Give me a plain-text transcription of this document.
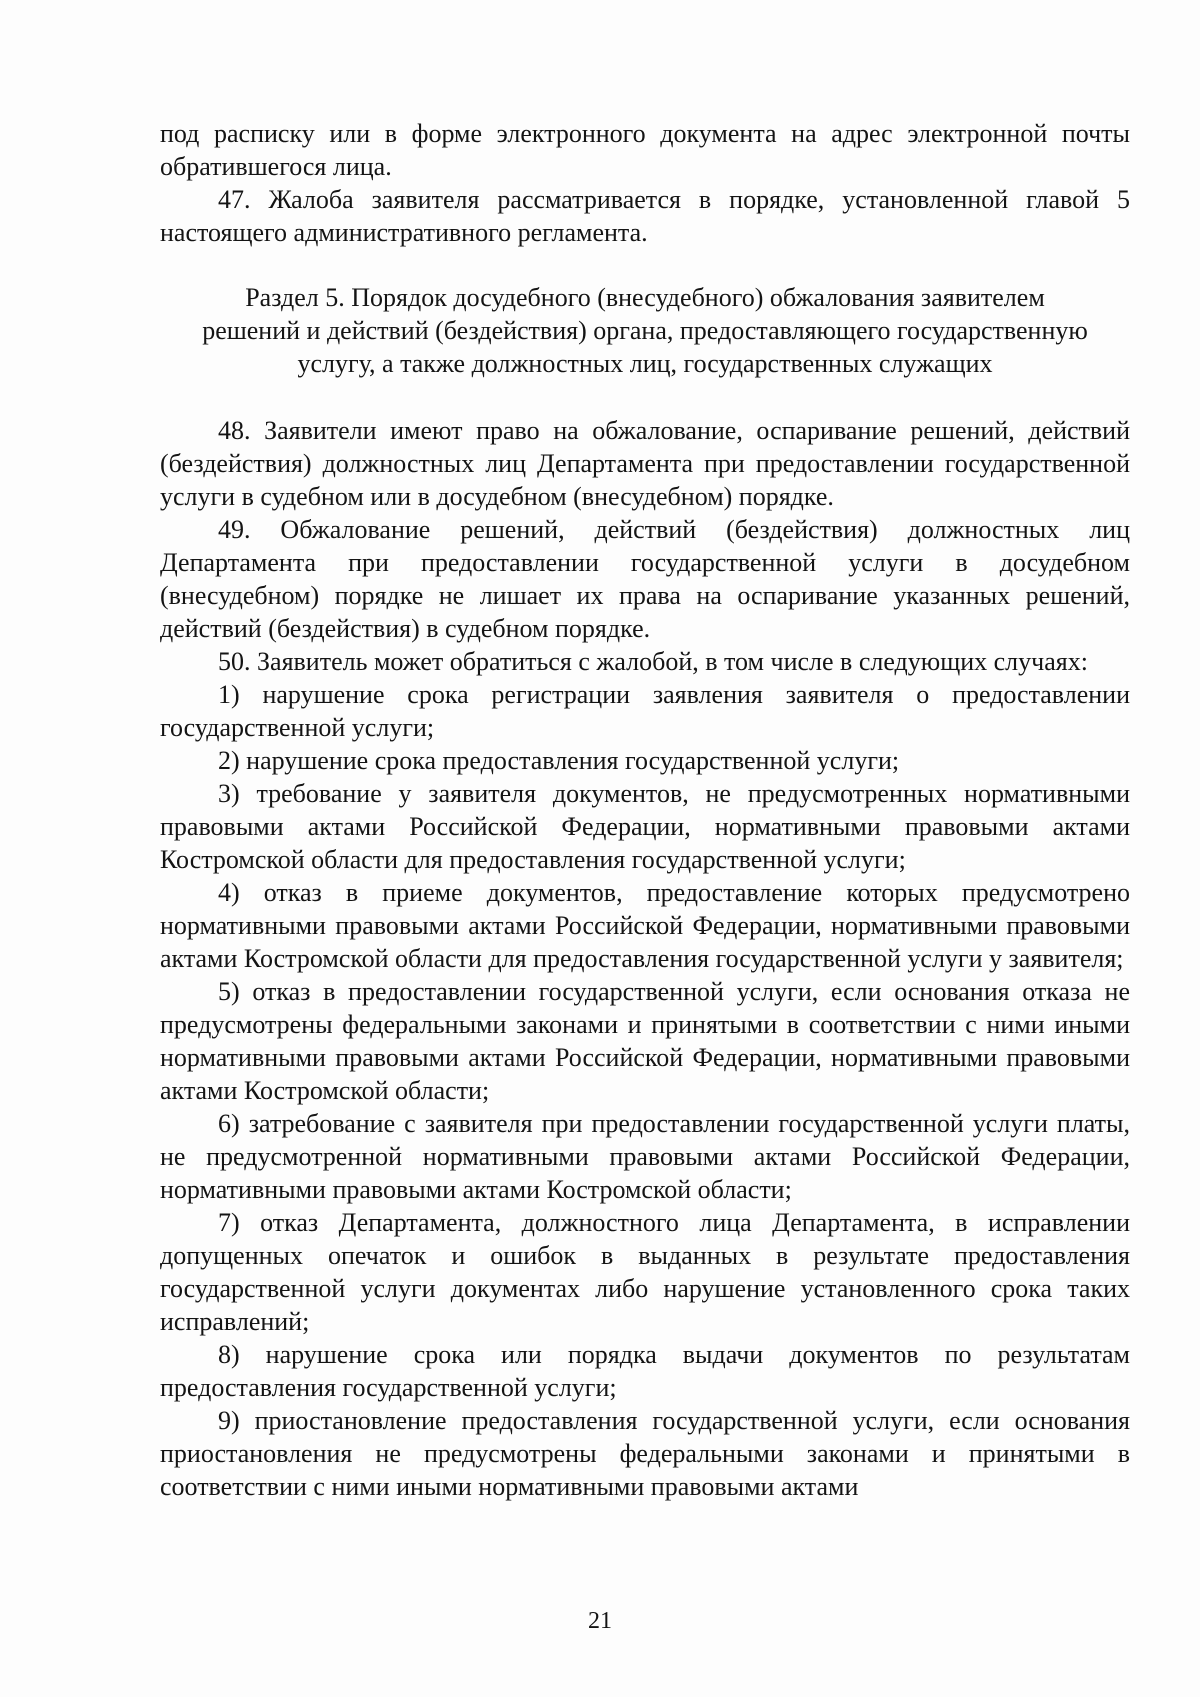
под расписку или в форме электронного документа на адрес электронной почты обратившегося лица.

47. Жалоба заявителя рассматривается в порядке, установленной главой 5 настоящего административного регламента.

Раздел 5. Порядок досудебного (внесудебного) обжалования заявителем
решений и действий (бездействия) органа, предоставляющего государственную
услугу, а также должностных лиц, государственных служащих

48. Заявители имеют право на обжалование, оспаривание решений, действий (бездействия) должностных лиц Департамента при предоставлении государственной услуги в судебном или в досудебном (внесудебном) порядке.

49. Обжалование решений, действий (бездействия) должностных лиц Департамента при предоставлении государственной услуги в досудебном (внесудебном) порядке не лишает их права на оспаривание указанных решений, действий (бездействия) в судебном порядке.

50. Заявитель может обратиться с жалобой, в том числе в следующих случаях:

1) нарушение срока регистрации заявления заявителя о предоставлении государственной услуги;

2) нарушение срока предоставления государственной услуги;

3) требование у заявителя документов, не предусмотренных нормативными правовыми актами Российской Федерации, нормативными правовыми актами Костромской области для предоставления государственной услуги;

4) отказ в приеме документов, предоставление которых предусмотрено нормативными правовыми актами Российской Федерации, нормативными правовыми актами Костромской области для предоставления государственной услуги у заявителя;

5) отказ в предоставлении государственной услуги, если основания отказа не предусмотрены федеральными законами и принятыми в соответствии с ними иными нормативными правовыми актами Российской Федерации, нормативными правовыми актами Костромской области;

6) затребование с заявителя при предоставлении государственной услуги платы, не предусмотренной нормативными правовыми актами Российской Федерации, нормативными правовыми актами Костромской области;

7) отказ Департамента, должностного лица Департамента, в исправлении допущенных опечаток и ошибок в выданных в результате предоставления государственной услуги документах либо нарушение установленного срока таких исправлений;

8) нарушение срока или порядка выдачи документов по результатам предоставления государственной услуги;

9) приостановление предоставления государственной услуги, если основания приостановления не предусмотрены федеральными законами и принятыми в соответствии с ними иными нормативными правовыми актами

21
